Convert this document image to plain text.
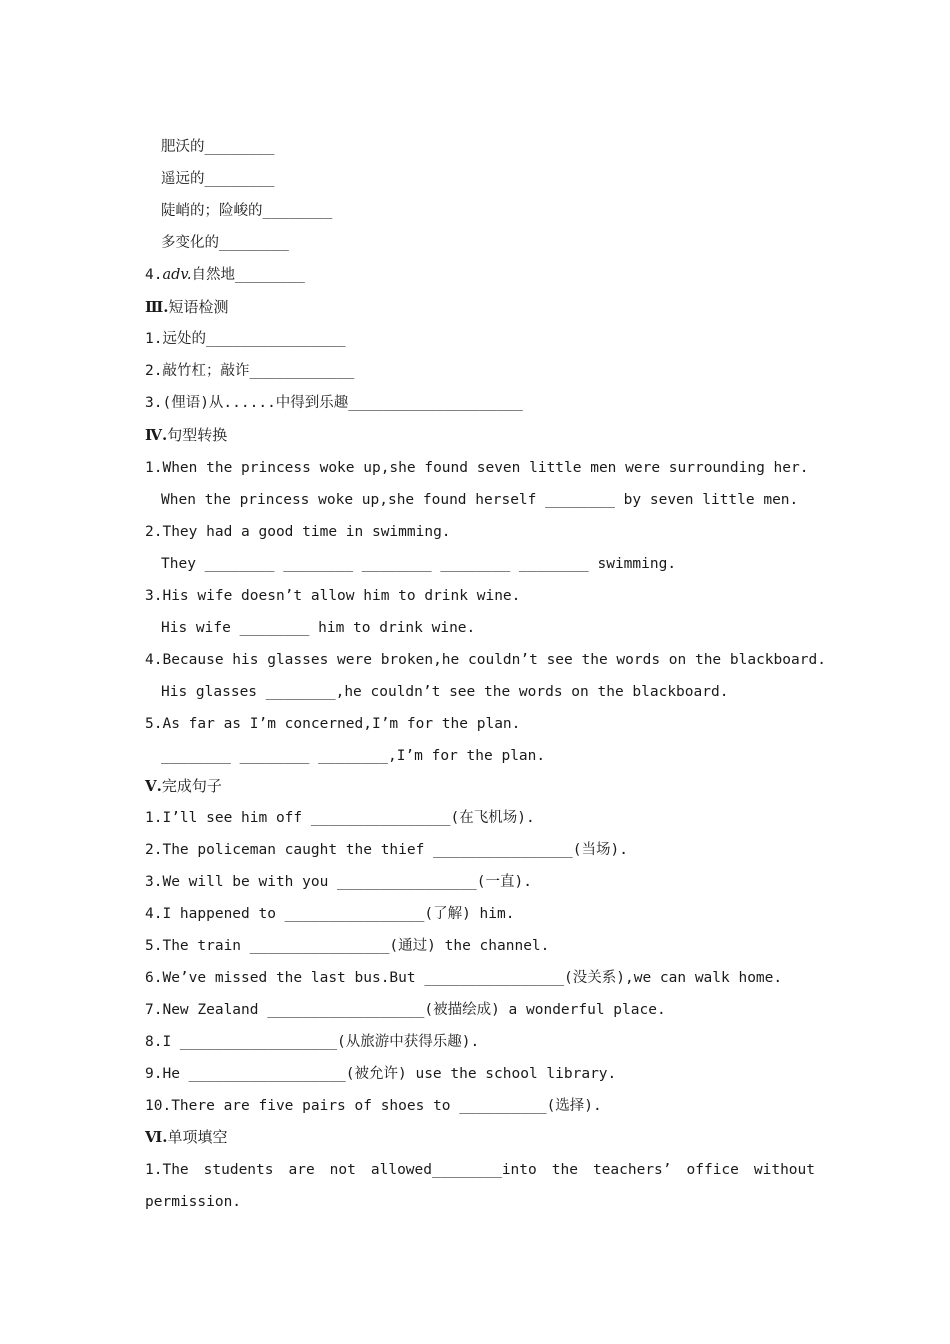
肥沃的________
遥远的________
陡峭的；险峻的________
多变化的________
4.adv.自然地________
Ⅲ.短语检测
1.远处的________________
2.敲竹杠；敲诈____________
3.(俚语)从......中得到乐趣____________________
Ⅳ.句型转换
1.When the princess woke up,she found seven little men were surrounding her.
When the princess woke up,she found herself ________ by seven little men.
2.They had a good time in swimming.
They ________ ________ ________ ________ ________ swimming.
3.His wife doesn’t allow him to drink wine.
His wife ________ him to drink wine.
4.Because his glasses were broken,he couldn’t see the words on the blackboard.
His glasses ________,he couldn’t see the words on the blackboard.
5.As far as I’m concerned,I’m for the plan.
________ ________ ________,I’m for the plan.
Ⅴ.完成句子
1.I’ll see him off ________________(在飞机场).
2.The policeman caught the thief ________________(当场).
3.We will be with you ________________(一直).
4.I happened to ________________(了解) him.
5.The train ________________(通过) the channel.
6.We’ve missed the last bus.But ________________(没关系),we can walk home.
7.New Zealand __________________(被描绘成) a wonderful place.
8.I __________________(从旅游中获得乐趣).
9.He __________________(被允许) use the school library.
10.There are five pairs of shoes to __________(选择).
Ⅵ.单项填空
1.The students are not allowed________into the teachers’ office without
permission.
